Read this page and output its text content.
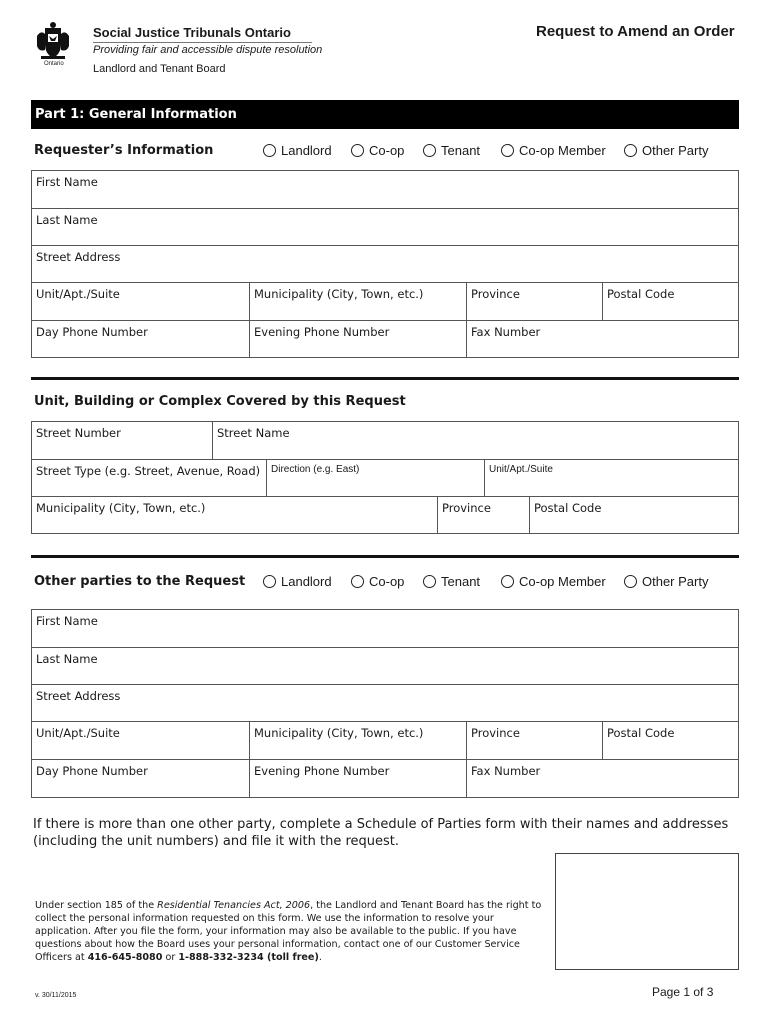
Ontario
Social Justice Tribunals Ontario
Providing fair and accessible dispute resolution
Landlord and Tenant Board
Request to Amend an Order
Part 1: General Information
Requester’s Information	Landlord	Co-op	Tenant	Co-op Member	Other Party
First Name
Last Name
Street Address
Unit/Apt./Suite	Municipality (City, Town, etc.)	Province	Postal Code
Day Phone Number	Evening Phone Number	Fax Number
Unit, Building or Complex Covered by this Request
Street Number	Street Name
Street Type (e.g. Street, Avenue, Road)	Direction (e.g. East)	Unit/Apt./Suite
Municipality (City, Town, etc.)	Province	Postal Code
Other parties to the Request	Landlord	Co-op	Tenant	Co-op Member	Other Party
First Name
Last Name
Street Address
Unit/Apt./Suite	Municipality (City, Town, etc.)	Province	Postal Code
Day Phone Number	Evening Phone Number	Fax Number
If there is more than one other party, complete a Schedule of Parties form with their names and addresses (including the unit numbers) and file it with the request.
Under section 185 of the Residential Tenancies Act, 2006, the Landlord and Tenant Board has the right to collect the personal information requested on this form. We use the information to resolve your application. After you file the form, your information may also be available to the public. If you have questions about how the Board uses your personal information, contact one of our Customer Service Officers at 416-645-8080 or 1-888-332-3234 (toll free).
v. 30/11/2015	Page 1 of 3
